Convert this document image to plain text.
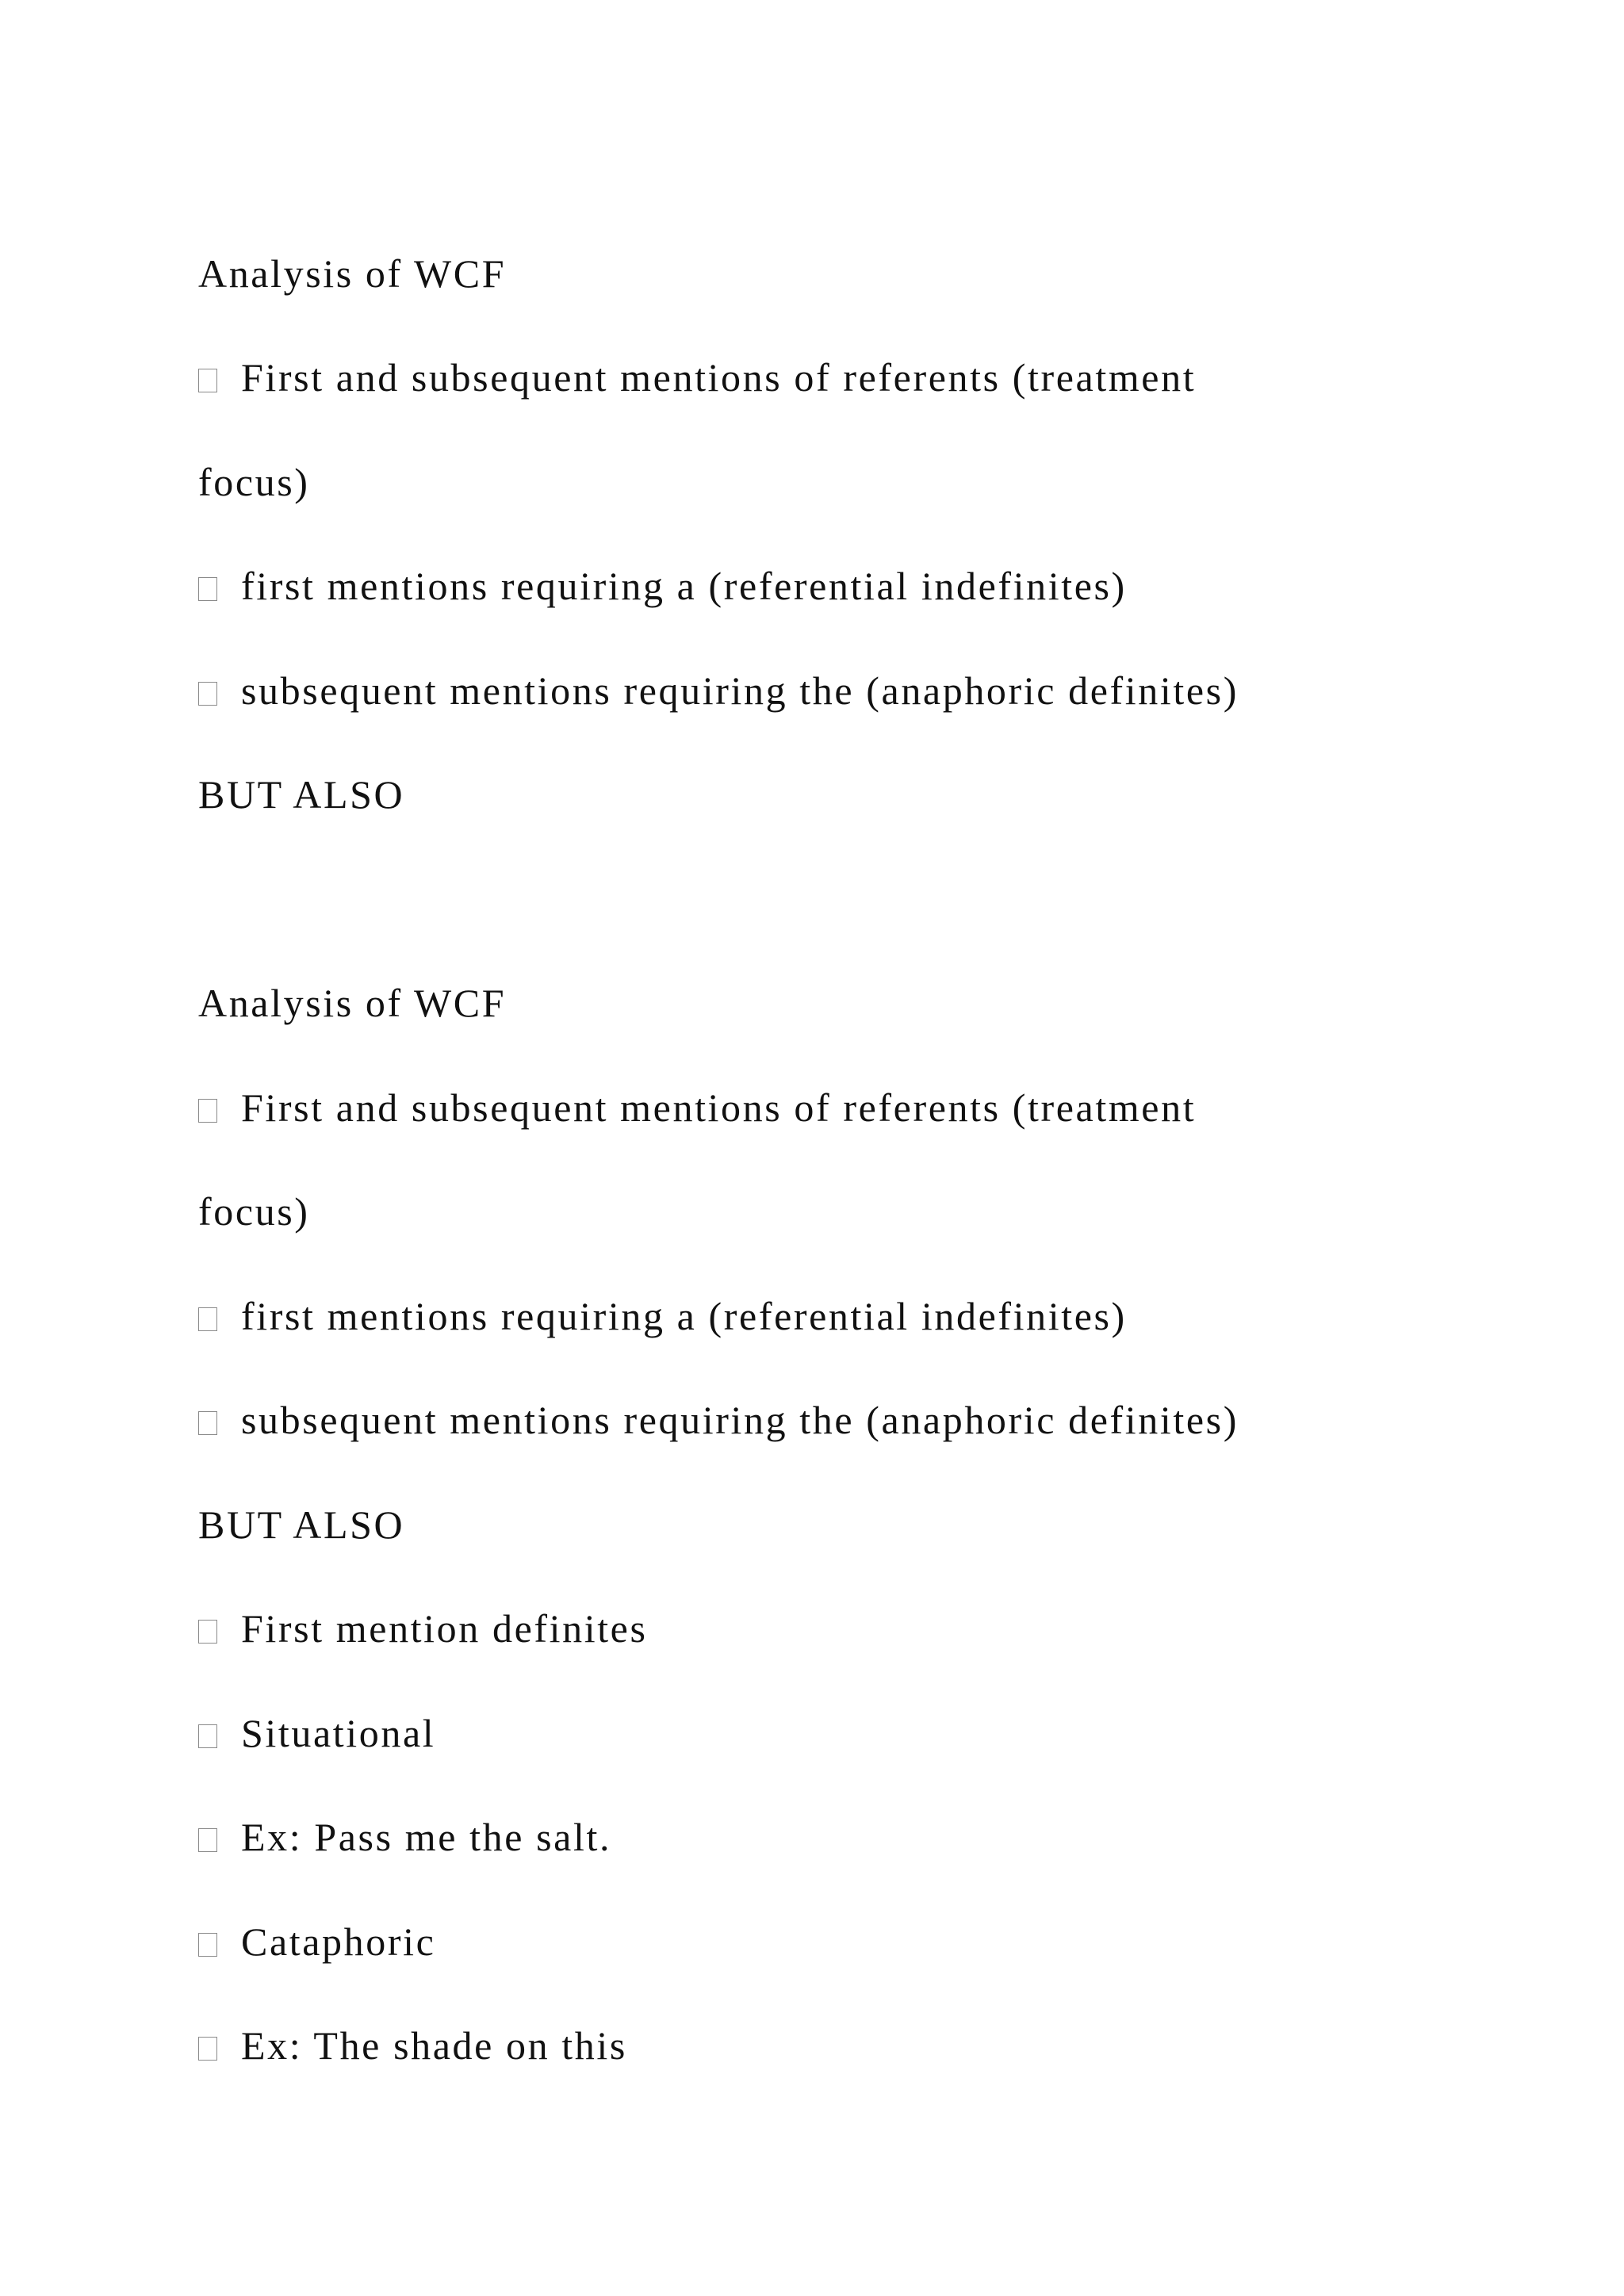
Analysis of WCF

First and subsequent mentions of referents (treatment

focus)

first mentions requiring a (referential indefinites)

subsequent mentions requiring the (anaphoric definites)

BUT ALSO

Analysis of WCF

First and subsequent mentions of referents (treatment

focus)

first mentions requiring a (referential indefinites)

subsequent mentions requiring the (anaphoric definites)

BUT ALSO

First mention definites

Situational

Ex: Pass me the salt.

Cataphoric

Ex: The shade on this
